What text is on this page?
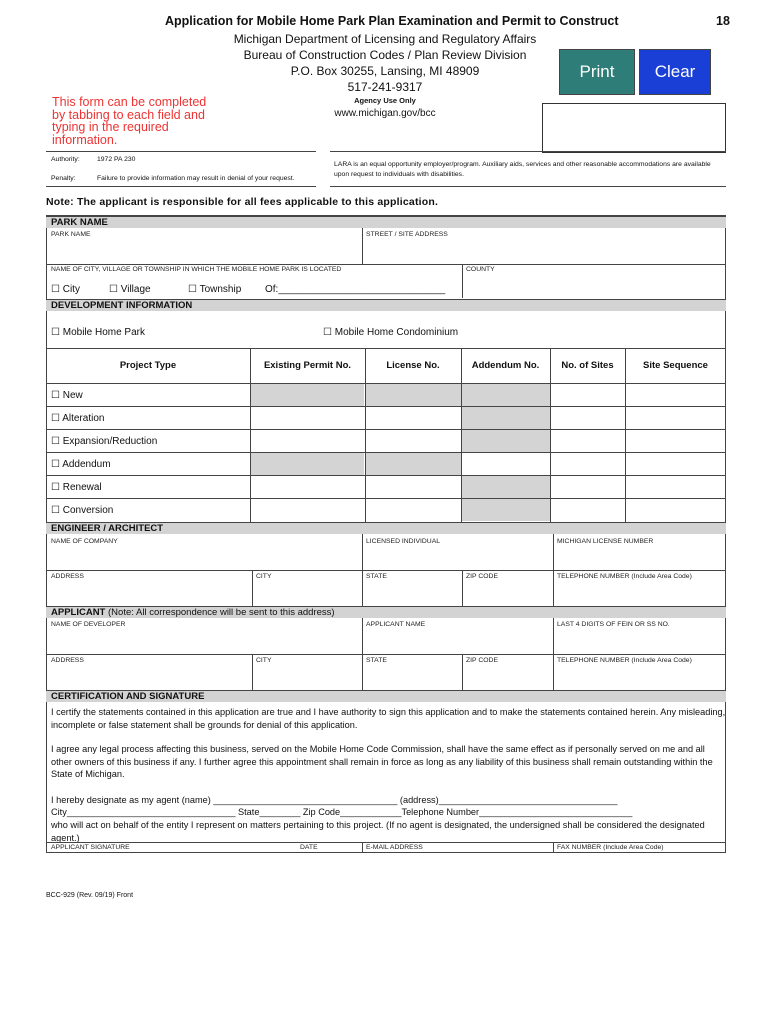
Application for Mobile Home Park Plan Examination and Permit to Construct	18
Michigan Department of Licensing and Regulatory Affairs
Bureau of Construction Codes / Plan Review Division
P.O. Box 30255, Lansing, MI 48909
517-241-9317
Agency Use Only
www.michigan.gov/bcc
Print	Clear
This form can be completed by tabbing to each field and typing in the required information.
Authority:	1972 PA 230
Penalty:	Failure to provide information may result in denial of your request.
LARA is an equal opportunity employer/program. Auxiliary aids, services and other reasonable accommodations are available upon request to individuals with disabilities.
Note: The applicant is responsible for all fees applicable to this application.
PARK NAME
PARK NAME	STREET / SITE ADDRESS
NAME OF CITY, VILLAGE OR TOWNSHIP IN WHICH THE MOBILE HOME PARK IS LOCATED	COUNTY
☐ City	☐ Village	☐ Township Of:______________________________
DEVELOPMENT INFORMATION
☐ Mobile Home Park	☐ Mobile Home Condominium
Project Type	Existing Permit No.	License No.	Addendum No.	No. of Sites	Site Sequence
☐ New
☐ Alteration
☐ Expansion/Reduction
☐ Addendum
☐ Renewal
☐ Conversion
ENGINEER / ARCHITECT
NAME OF COMPANY	LICENSED INDIVIDUAL	MICHIGAN LICENSE NUMBER
ADDRESS	CITY	STATE	ZIP CODE	TELEPHONE NUMBER (Include Area Code)
APPLICANT (Note: All correspondence will be sent to this address)
NAME OF DEVELOPER	APPLICANT NAME	LAST 4 DIGITS OF FEIN OR SS NO.
ADDRESS	CITY	STATE	ZIP CODE	TELEPHONE NUMBER (Include Area Code)
CERTIFICATION AND SIGNATURE
I certify the statements contained in this application are true and I have authority to sign this application and to make the statements contained herein. Any misleading, incomplete or false statement shall be grounds for denial of this application.
I agree any legal process affecting this business, served on the Mobile Home Code Commission, shall have the same effect as if personally served on me and all other owners of this business if any. I further agree this appointment shall remain in force as long as any liability of this business shall remain outstanding within the State of Michigan.
I hereby designate as my agent (name) ____________________________________ (address)___________________________________
City_________________________________ State________ Zip Code____________Telephone Number______________________________
who will act on behalf of the entity I represent on matters pertaining to this project. (If no agent is designated, the undersigned shall be considered the designated agent.)
APPLICANT SIGNATURE	DATE	E-MAIL ADDRESS	FAX NUMBER (Include Area Code)
BCC-929 (Rev. 09/19) Front
